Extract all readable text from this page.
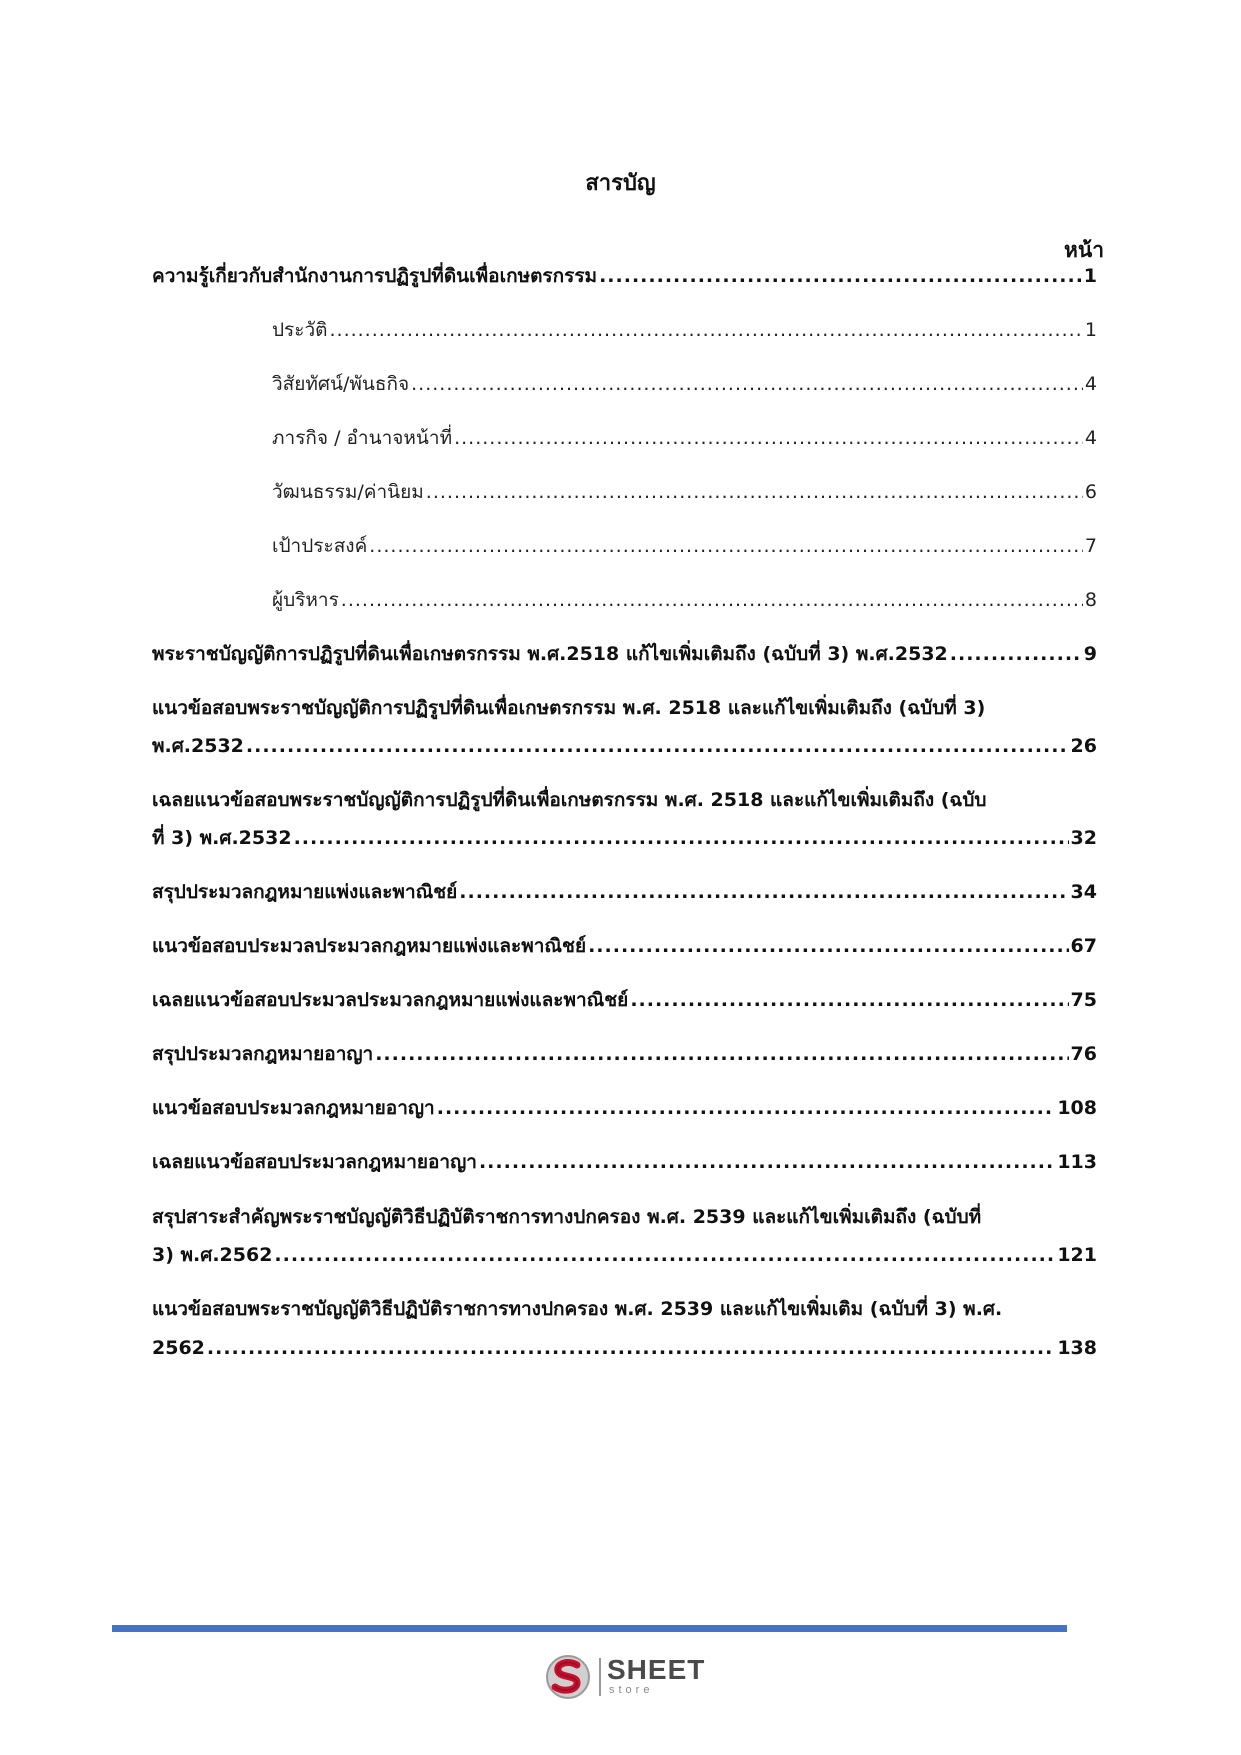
สารบัญ
หน้า
ความรู้เกี่ยวกับสำนักงานการปฏิรูปที่ดินเพื่อเกษตรกรรม .....	1
ประวัติ .....	1
วิสัยทัศน์/พันธกิจ .....	4
ภารกิจ / อำนาจหน้าที่ .....	4
วัฒนธรรม/ค่านิยม .....	6
เป้าประสงค์ .....	7
ผู้บริหาร .....	8
พระราชบัญญัติการปฏิรูปที่ดินเพื่อเกษตรกรรม พ.ศ.2518 แก้ไขเพิ่มเติมถึง (ฉบับที่ 3) พ.ศ.2532 .....	9
แนวข้อสอบพระราชบัญญัติการปฏิรูปที่ดินเพื่อเกษตรกรรม พ.ศ. 2518 และแก้ไขเพิ่มเติมถึง (ฉบับที่ 3)
พ.ศ.2532 .....	26
เฉลยแนวข้อสอบพระราชบัญญัติการปฏิรูปที่ดินเพื่อเกษตรกรรม พ.ศ. 2518 และแก้ไขเพิ่มเติมถึง (ฉบับ
ที่ 3) พ.ศ.2532 .....	32
สรุปประมวลกฎหมายแพ่งและพาณิชย์ .....	34
แนวข้อสอบประมวลประมวลกฎหมายแพ่งและพาณิชย์ .....	67
เฉลยแนวข้อสอบประมวลประมวลกฎหมายแพ่งและพาณิชย์ .....	75
สรุปประมวลกฎหมายอาญา .....	76
แนวข้อสอบประมวลกฎหมายอาญา .....	108
เฉลยแนวข้อสอบประมวลกฎหมายอาญา .....	113
สรุปสาระสำคัญพระราชบัญญัติวิธีปฏิบัติราชการทางปกครอง พ.ศ. 2539 และแก้ไขเพิ่มเติมถึง (ฉบับที่
3) พ.ศ.2562 .....	121
แนวข้อสอบพระราชบัญญัติวิธีปฏิบัติราชการทางปกครอง พ.ศ. 2539 และแก้ไขเพิ่มเติม (ฉบับที่ 3) พ.ศ.
2562 .....	138
SHEET
store
